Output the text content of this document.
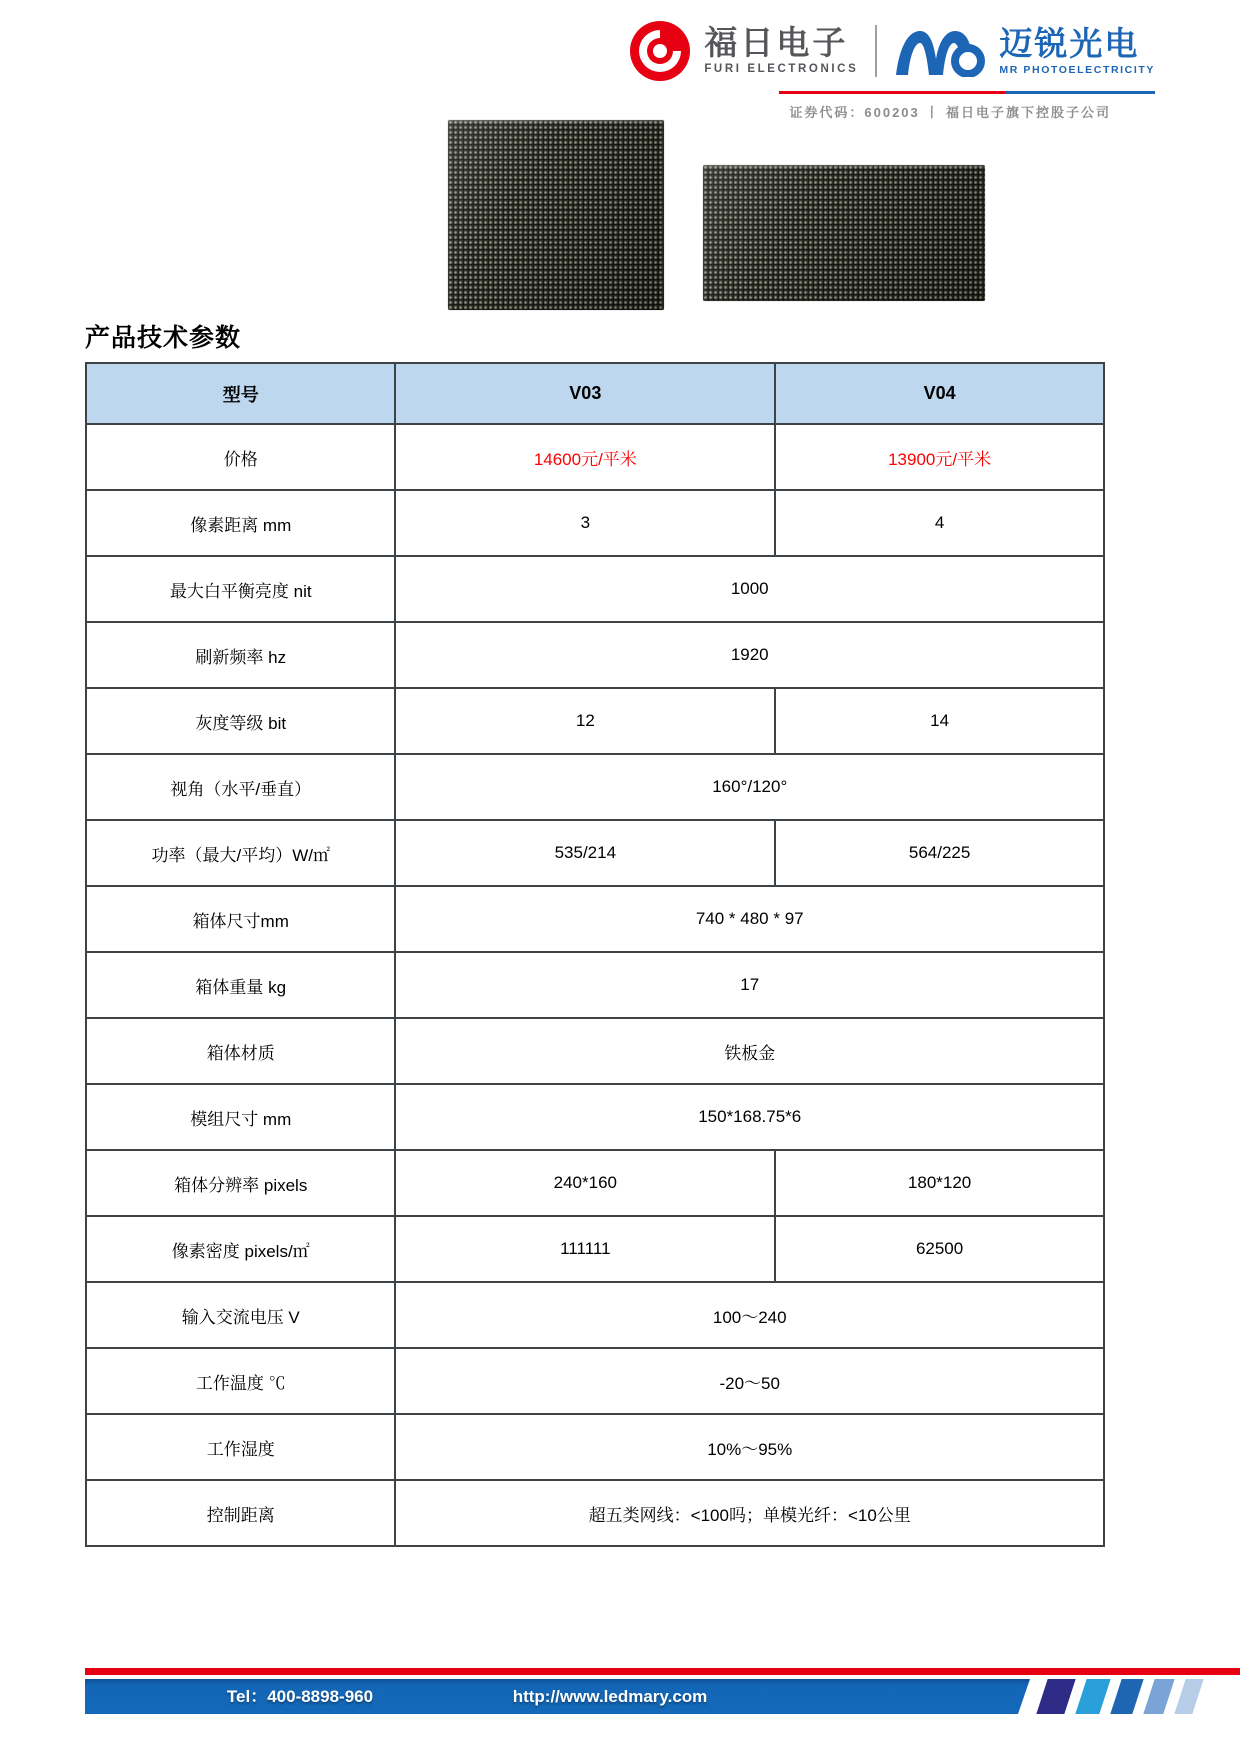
福日电子
FURI ELECTRONICS
迈锐光电
MR PHOTOELECTRICITY
证券代码：600203 丨 福日电子旗下控股子公司
产品技术参数
型号	V03	V04
价格	14600元/平米	13900元/平米
像素距离 mm	3	4
最大白平衡亮度 nit	1000	
刷新频率 hz	1920	
灰度等级 bit	12	14
视角（水平/垂直）	160°/120°	
功率（最大/平均）W/㎡	535/214	564/225
箱体尺寸mm	740 * 480 * 97	
箱体重量 kg	17	
箱体材质	铁板金	
模组尺寸 mm	150*168.75*6	
箱体分辨率 pixels	240*160	180*120
像素密度 pixels/㎡	111111	62500
输入交流电压 V	100～240	
工作温度 ℃	-20～50	
工作湿度	10%～95%	
控制距离	超五类网线：<100吗；单模光纤：<10公里	
Tel：400-8898-960	http://www.ledmary.com
